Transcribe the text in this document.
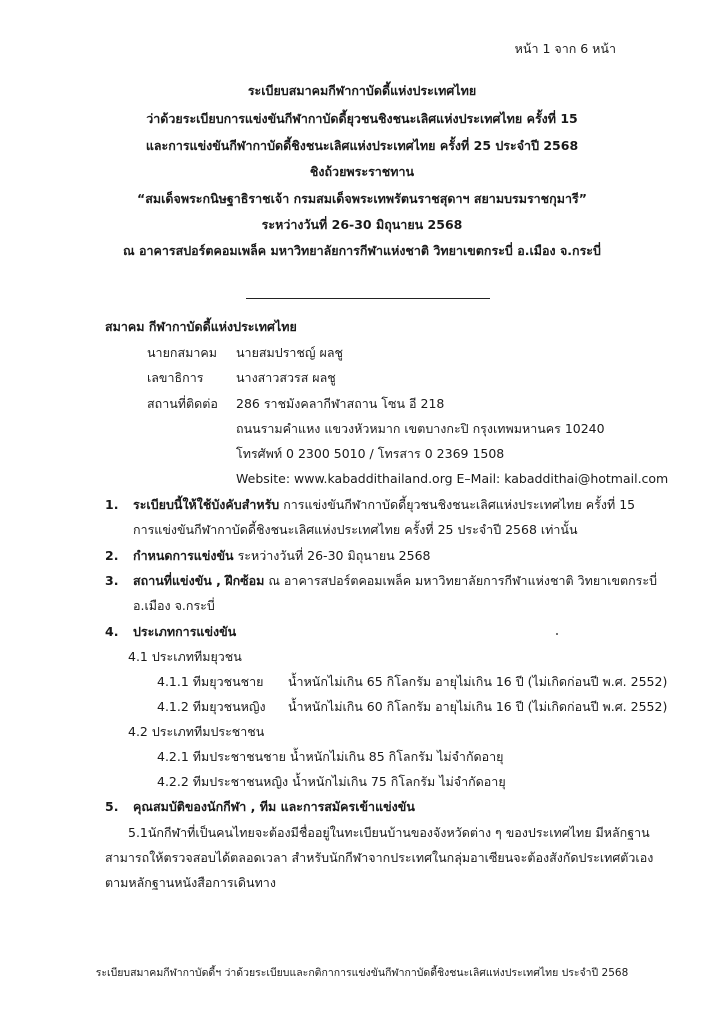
หน้า 1 จาก 6 หน้า
ระเบียบสมาคมกีฬากาบัดดี้แห่งประเทศไทย
ว่าด้วยระเบียบการแข่งขันกีฬากาบัดดี้ยุวชนชิงชนะเลิศแห่งประเทศไทย ครั้งที่ 15
และการแข่งขันกีฬากาบัดดี้ชิงชนะเลิศแห่งประเทศไทย ครั้งที่ 25 ประจำปี 2568
ชิงถ้วยพระราชทาน
“สมเด็จพระกนิษฐาธิราชเจ้า กรมสมเด็จพระเทพรัตนราชสุดาฯ สยามบรมราชกุมารี”
ระหว่างวันที่ 26-30 มิถุนายน 2568
ณ อาคารสปอร์ตคอมเพล็ค มหาวิทยาลัยการกีฬาแห่งชาติ วิทยาเขตกระบี่ อ.เมือง จ.กระบี่
สมาคม กีฬากาบัดดี้แห่งประเทศไทย
นายกสมาคม นายสมปราชญ์ ผลชู
เลขาธิการ	นางสาวสวรส ผลชู
สถานที่ติดต่อ 286 ราชมังคลากีฬาสถาน โซน อี 218
ถนนรามคำแหง แขวงหัวหมาก เขตบางกะปิ กรุงเทพมหานคร 10240
โทรศัพท์ 0 2300 5010 / โทรสาร 0 2369 1508
Website: www.kabaddithailand.org E–Mail: kabaddithai@hotmail.com
1. ระเบียบนี้ให้ใช้บังคับสำหรับ การแข่งขันกีฬากาบัดดี้ยุวชนชิงชนะเลิศแห่งประเทศไทย ครั้งที่ 15
การแข่งขันกีฬากาบัดดี้ชิงชนะเลิศแห่งประเทศไทย ครั้งที่ 25 ประจำปี 2568 เท่านั้น
2. กำหนดการแข่งขัน ระหว่างวันที่ 26-30 มิถุนายน 2568
3. สถานที่แข่งขัน , ฝึกซ้อม ณ อาคารสปอร์ตคอมเพล็ค มหาวิทยาลัยการกีฬาแห่งชาติ วิทยาเขตกระบี่
อ.เมือง จ.กระบี่
4. ประเภทการแข่งขัน
4.1 ประเภททีมยุวชน
4.1.1 ทีมยุวชนชาย น้ำหนักไม่เกิน 65 กิโลกรัม อายุไม่เกิน 16 ปี (ไม่เกิดก่อนปี พ.ศ. 2552)
4.1.2 ทีมยุวชนหญิง น้ำหนักไม่เกิน 60 กิโลกรัม อายุไม่เกิน 16 ปี (ไม่เกิดก่อนปี พ.ศ. 2552)
4.2 ประเภททีมประชาชน
4.2.1 ทีมประชาชนชาย น้ำหนักไม่เกิน 85 กิโลกรัม ไม่จำกัดอายุ
4.2.2 ทีมประชาชนหญิง น้ำหนักไม่เกิน 75 กิโลกรัม ไม่จำกัดอายุ
5. คุณสมบัติของนักกีฬา , ทีม และการสมัครเข้าแข่งขัน
5.1นักกีฬาที่เป็นคนไทยจะต้องมีชื่ออยู่ในทะเบียนบ้านของจังหวัดต่าง ๆ ของประเทศไทย มีหลักฐาน
สามารถให้ตรวจสอบได้ตลอดเวลา สำหรับนักกีฬาจากประเทศในกลุ่มอาเซียนจะต้องสังกัดประเทศตัวเอง
ตามหลักฐานหนังสือการเดินทาง
ระเบียบสมาคมกีฬากาบัดดี้ฯ ว่าด้วยระเบียบและกติกาการแข่งขันกีฬากาบัดดี้ชิงชนะเลิศแห่งประเทศไทย ประจำปี 2568
